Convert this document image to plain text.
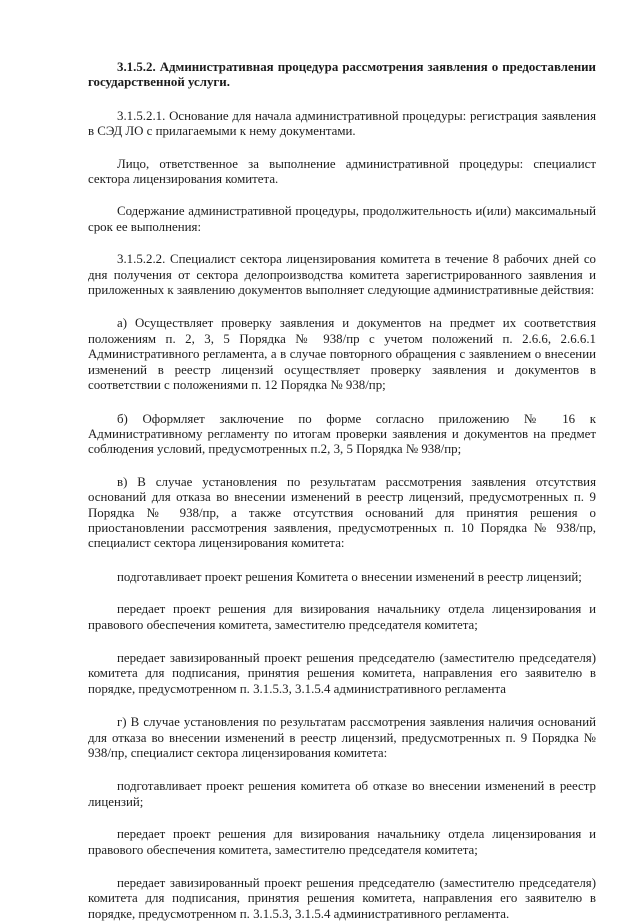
3.1.5.2. Административная процедура рассмотрения заявления о предоставлении государственной услуги.

3.1.5.2.1. Основание для начала административной процедуры: регистрация заявления в СЭД ЛО с прилагаемыми к нему документами.

Лицо, ответственное за выполнение административной процедуры: специалист сектора лицензирования комитета.

Содержание административной процедуры, продолжительность и(или) максимальный срок ее выполнения:

3.1.5.2.2. Специалист сектора лицензирования комитета в течение 8 рабочих дней со дня получения от сектора делопроизводства комитета зарегистрированного заявления и приложенных к заявлению документов выполняет следующие административные действия:

а) Осуществляет проверку заявления и документов на предмет их соответствия положениям п. 2, 3, 5 Порядка № 938/пр с учетом положений п. 2.6.6, 2.6.6.1 Административного регламента, а в случае повторного обращения с заявлением о внесении изменений в реестр лицензий осуществляет проверку заявления и документов в соответствии с положениями п. 12 Порядка № 938/пр;

б) Оформляет заключение по форме согласно приложению № 16 к Административному регламенту по итогам проверки заявления и документов на предмет соблюдения условий, предусмотренных п.2, 3, 5 Порядка № 938/пр;

в) В случае установления по результатам рассмотрения заявления отсутствия оснований для отказа во внесении изменений в реестр лицензий, предусмотренных п. 9 Порядка № 938/пр, а также отсутствия оснований для принятия решения о приостановлении рассмотрения заявления, предусмотренных п. 10 Порядка № 938/пр, специалист сектора лицензирования комитета:

подготавливает проект решения Комитета о внесении изменений в реестр лицензий;

передает проект решения для визирования начальнику отдела лицензирования и правового обеспечения комитета, заместителю председателя комитета;

передает завизированный проект решения председателю (заместителю председателя) комитета для подписания, принятия решения комитета, направления его заявителю в порядке, предусмотренном п. 3.1.5.3, 3.1.5.4 административного регламента

г) В случае установления по результатам рассмотрения заявления наличия оснований для отказа во внесении изменений в реестр лицензий, предусмотренных п. 9 Порядка № 938/пр, специалист сектора лицензирования комитета:

подготавливает проект решения комитета об отказе во внесении изменений в реестр лицензий;

передает проект решения для визирования начальнику отдела лицензирования и правового обеспечения комитета, заместителю председателя комитета;

передает завизированный проект решения председателю (заместителю председателя) комитета для подписания, принятия решения комитета, направления его заявителю в порядке, предусмотренном п. 3.1.5.3, 3.1.5.4 административного регламента.
